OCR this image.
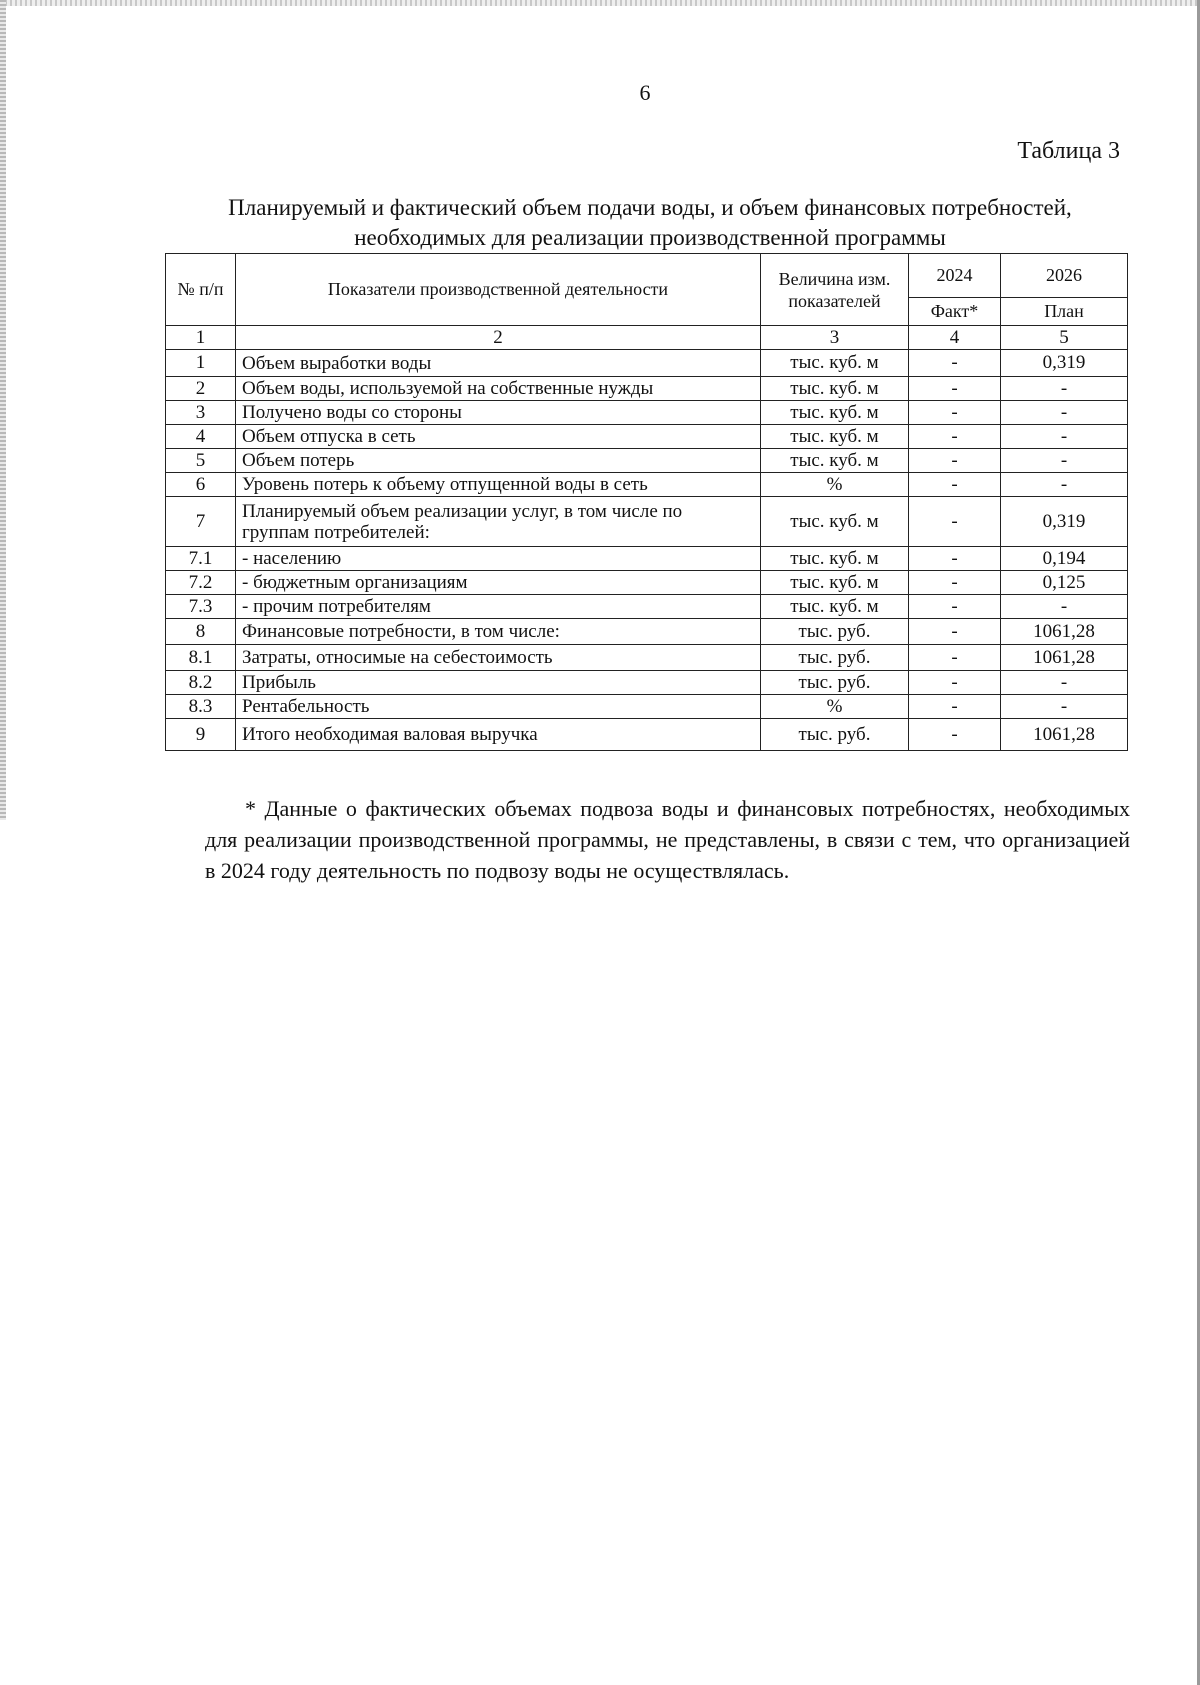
6
Таблица 3
Планируемый и фактический объем подачи воды, и объем финансовых потребностей, необходимых для реализации производственной программы
№ п/п	Показатели производственной деятельности	Величина изм. показателей	2024	2026
			Факт*	План
1	2	3	4	5
1	Объем выработки воды	тыс. куб. м	-	0,319
2	Объем воды, используемой на собственные нужды	тыс. куб. м	-	-
3	Получено воды со стороны	тыс. куб. м	-	-
4	Объем отпуска в сеть	тыс. куб. м	-	-
5	Объем потерь	тыс. куб. м	-	-
6	Уровень потерь к объему отпущенной воды в сеть	%	-	-
7	Планируемый объем реализации услуг, в том числе по группам потребителей:	тыс. куб. м	-	0,319
7.1	- населению	тыс. куб. м	-	0,194
7.2	- бюджетным организациям	тыс. куб. м	-	0,125
7.3	- прочим потребителям	тыс. куб. м	-	-
8	Финансовые потребности, в том числе:	тыс. руб.	-	1061,28
8.1	Затраты, относимые на себестоимость	тыс. руб.	-	1061,28
8.2	Прибыль	тыс. руб.	-	-
8.3	Рентабельность	%	-	-
9	Итого необходимая валовая выручка	тыс. руб.	-	1061,28
* Данные о фактических объемах подвоза воды и финансовых потребностях, необходимых для реализации производственной программы, не представлены, в связи с тем, что организацией в 2024 году деятельность по подвозу воды не осуществлялась.
